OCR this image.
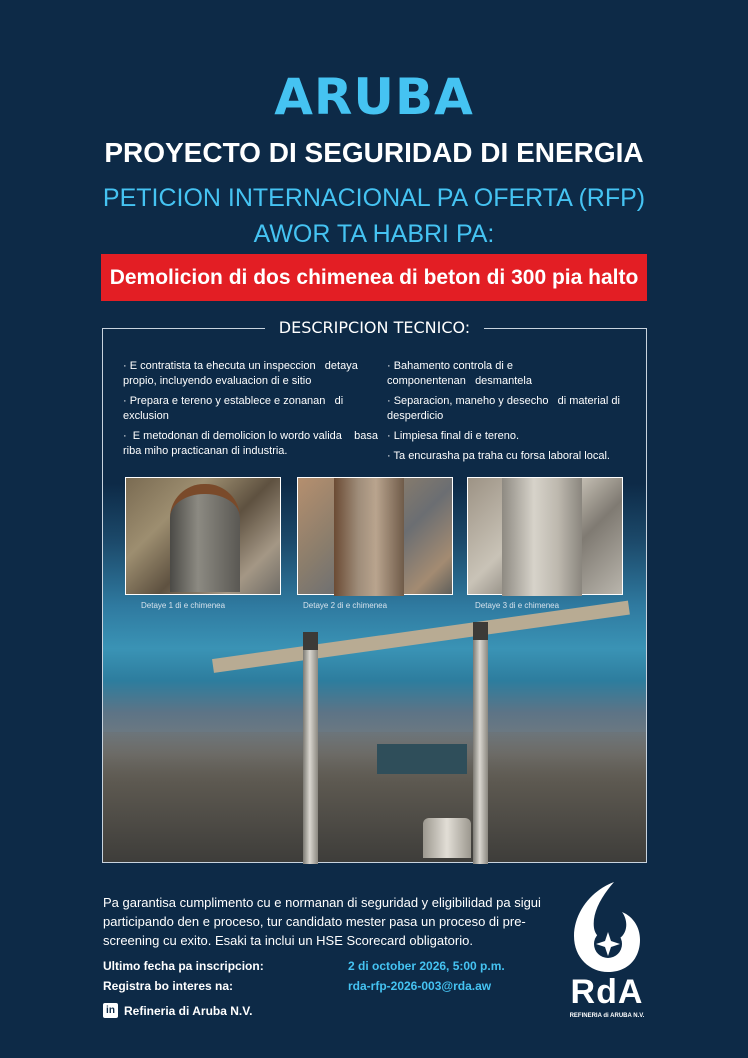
ARUBA
PROYECTO DI SEGURIDAD DI ENERGIA
PETICION INTERNACIONAL PA OFERTA (RFP)
AWOR TA HABRI PA:
Demolicion di dos chimenea di beton di 300 pia halto
DESCRIPCION TECNICO:
· E contratista ta ehecuta un inspeccion   detaya propio, incluyendo evaluacion di e sitio
· Prepara e tereno y establece e zonanan   di exclusion
·  E metodonan di demolicion lo wordo valida    basa riba miho practicanan di industria.
· Bahamento controla di e componentenan   desmantela
· Separacion, maneho y desecho   di material di desperdicio
· Limpiesa final di e tereno.
· Ta encurasha pa traha cu forsa laboral local.
Detaye 1 di e chimenea	Detaye 2 di e chimenea	Detaye 3 di e chimenea
Pa garantisa cumplimento cu e normanan di seguridad y eligibilidad pa sigui participando den e proceso, tur candidato mester pasa un proceso di pre-screening cu exito. Esaki ta inclui un HSE Scorecard obligatorio.
Ultimo fecha pa inscripcion:	2 di october 2026, 5:00 p.m.
Registra bo interes na:	rda-rfp-2026-003@rda.aw
in Refineria di Aruba N.V.	RdA
REFINERIA di ARUBA N.V.
